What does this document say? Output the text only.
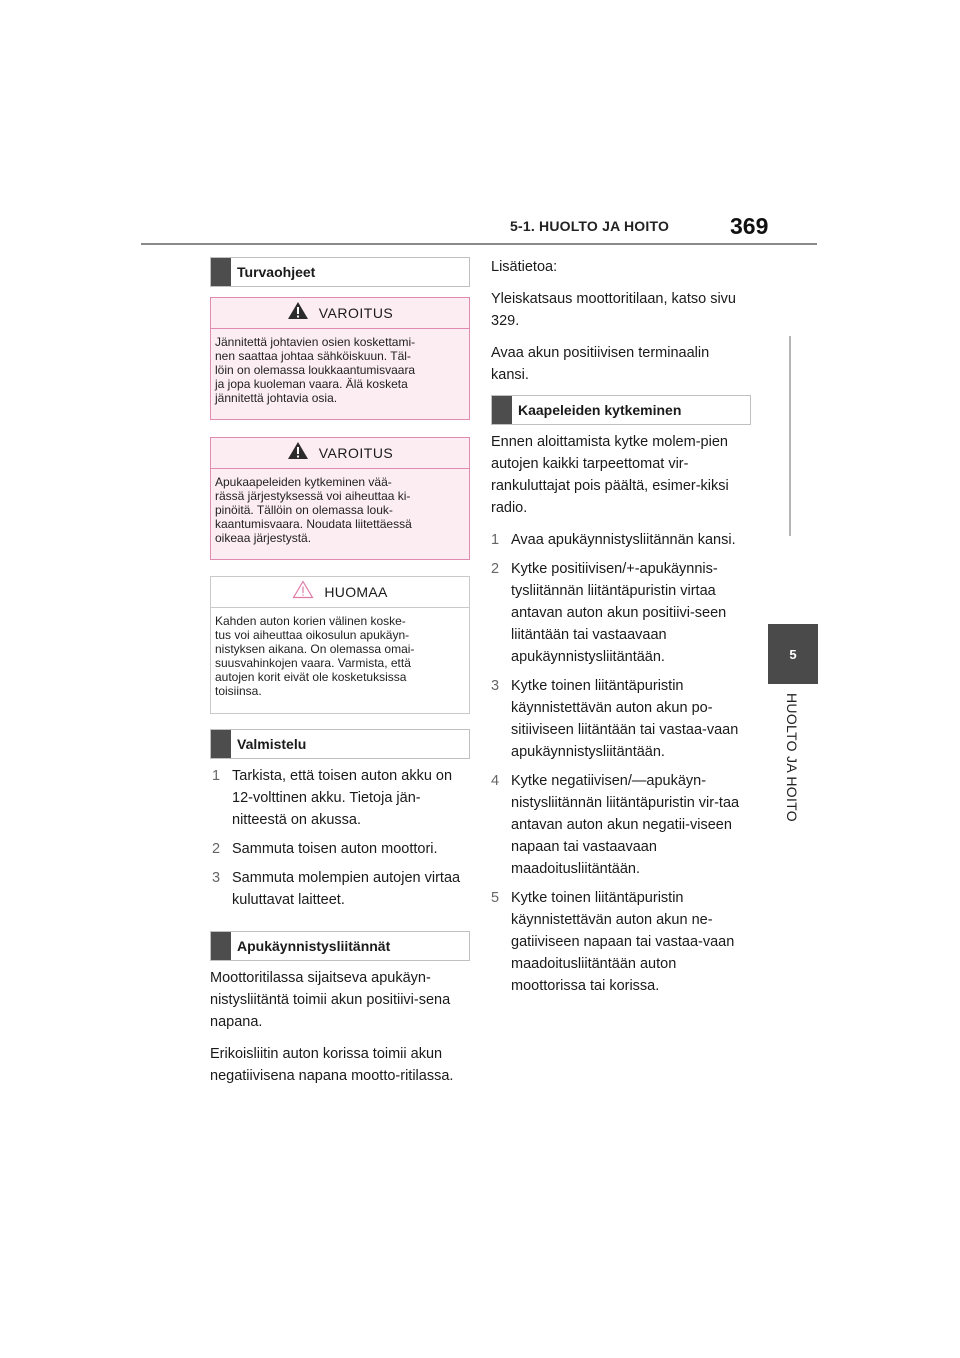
5-1. HUOLTO JA HOITO	369
5
HUOLTO JA HOITO
Turvaohjeet
VAROITUS
Jännitettä johtavien osien koskettami-
nen saattaa johtaa sähköiskuun. Täl-
löin on olemassa loukkaantumisvaara
ja jopa kuoleman vaara. Älä kosketa
jännitettä johtavia osia.
VAROITUS
Apukaapeleiden kytkeminen vää-
rässä järjestyksessä voi aiheuttaa ki-
pinöitä. Tällöin on olemassa louk-
kaantumisvaara. Noudata liitettäessä
oikeaa järjestystä.
HUOMAA
Kahden auton korien välinen koske-
tus voi aiheuttaa oikosulun apukäyn-
nistyksen aikana. On olemassa omai-
suusvahinkojen vaara. Varmista, että
autojen korit eivät ole kosketuksissa
toisiinsa.
Valmistelu
1 Tarkista, että toisen auton akku on 12-volttinen akku. Tietoja jän-nitteestä on akussa.
2 Sammuta toisen auton moottori.
3 Sammuta molempien autojen virtaa kuluttavat laitteet.
Apukäynnistysliitännät

Moottoritilassa sijaitseva apukäyn-nistysliitäntä toimii akun positiivi-sena napana.

Erikoisliitin auton korissa toimii akun negatiivisena napana mootto-ritilassa.

Lisätietoa:

Yleiskatsaus moottoritilaan, katso sivu 329.

Avaa akun positiivisen terminaalin kansi.

Kaapeleiden kytkeminen

Ennen aloittamista kytke molem-pien autojen kaikki tarpeettomat vir-rankuluttajat pois päältä, esimer-kiksi radio.

1 Avaa apukäynnistysliitännän kansi.
2 Kytke positiivisen/+-apukäynnis-tysliitännän liitäntäpuristin virtaa antavan auton akun positiivi-seen liitäntään tai vastaavaan apukäynnistysliitäntään.
3 Kytke toinen liitäntäpuristin käynnistettävän auton akun po-sitiiviseen liitäntään tai vastaa-vaan apukäynnistysliitäntään.
4 Kytke negatiivisen/—apukäyn-nistysliitännän liitäntäpuristin vir-taa antavan auton akun negatii-viseen napaan tai vastaavaan maadoitusliitäntään.
5 Kytke toinen liitäntäpuristin käynnistettävän auton akun ne-gatiiviseen napaan tai vastaa-vaan maadoitusliitäntään auton moottorissa tai korissa.
